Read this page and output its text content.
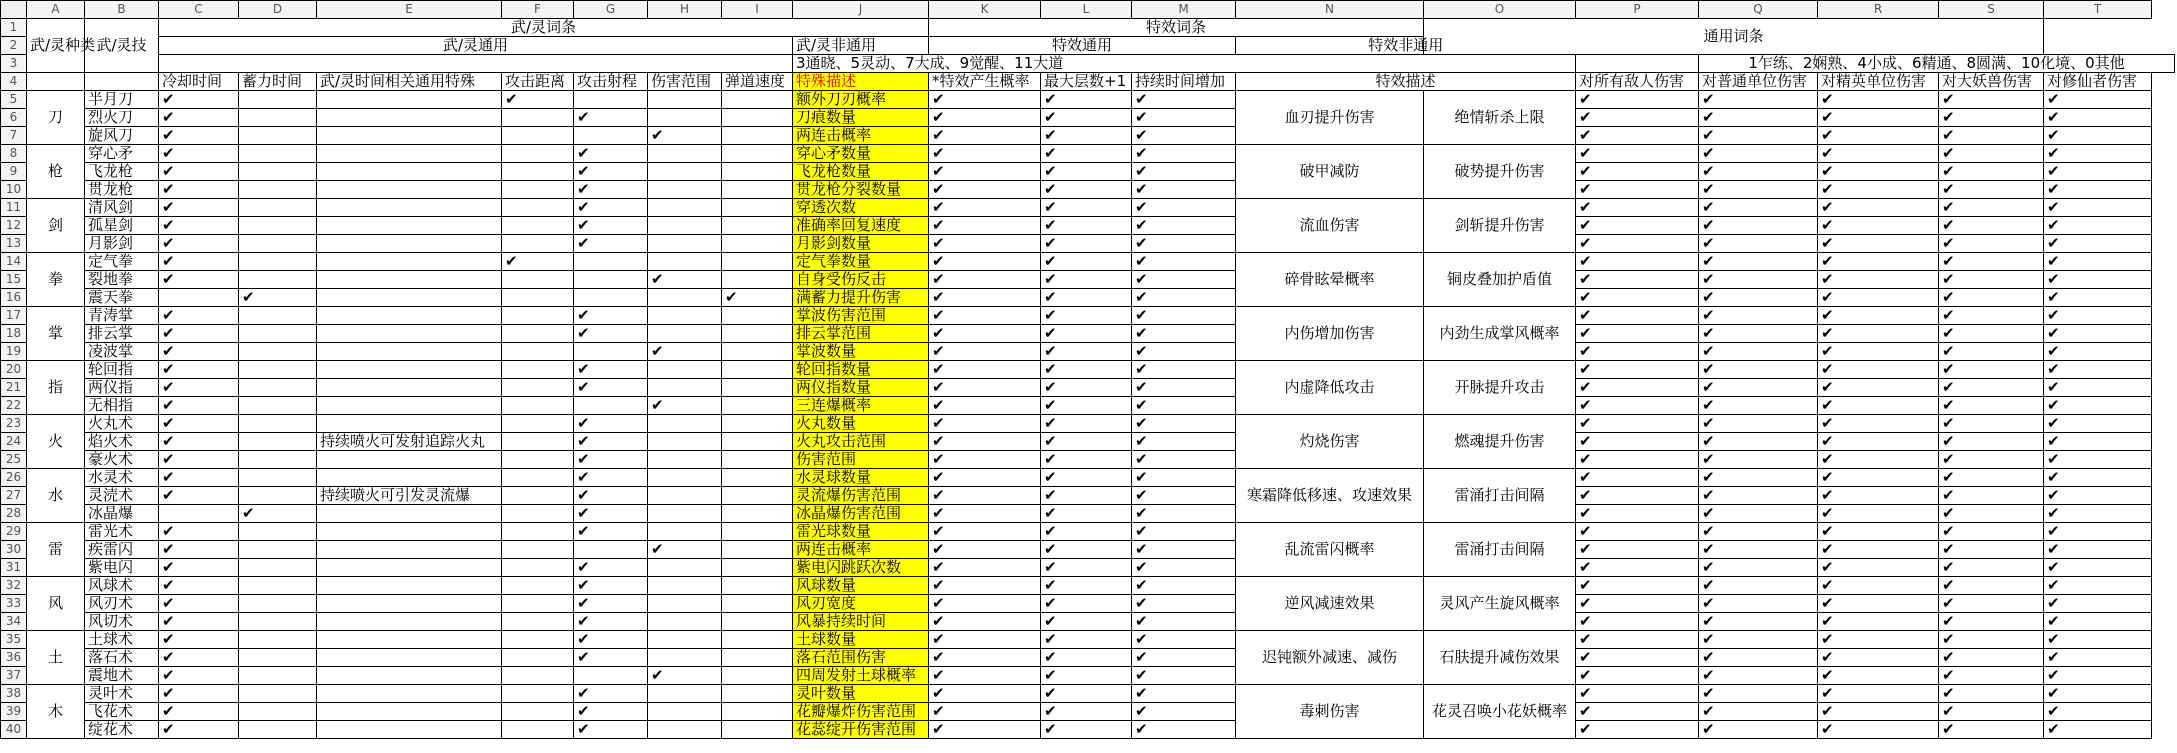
	A	B	C	D	E	F	G	H	I	J	K	L	M	N	O	P	Q	R	S	T
1	武/灵种类	武/灵技	武/灵词条								特效词条				通用词条					
2			武/灵通用							武/灵非通用	特效通用			特效非通用						
3										3通晓、5灵动、7大成、9觉醒、11大道							1乍练、2娴熟、4小成、6精通、8圆满、10化境、0其他			
4			冷却时间	蓄力时间	武/灵时间相关通用特殊	攻击距离	攻击射程	伤害范围	弹道速度	特殊描述	*特效产生概率	最大层数+1	持续时间增加	特效描述		对所有敌人伤害	对普通单位伤害	对精英单位伤害	对大妖兽伤害	对修仙者伤害
5	刀	半月刀	✔			✔				额外刀刃概率	✔	✔	✔	血刃提升伤害	绝情斩杀上限	✔	✔	✔	✔	✔
6		烈火刀	✔				✔			刀痕数量	✔	✔	✔			✔	✔	✔	✔	✔
7		旋风刀	✔					✔		两连击概率	✔	✔	✔			✔	✔	✔	✔	✔
8	枪	穿心矛	✔				✔			穿心矛数量	✔	✔	✔	破甲减防	破势提升伤害	✔	✔	✔	✔	✔
9		飞龙枪	✔				✔			飞龙枪数量	✔	✔	✔			✔	✔	✔	✔	✔
10		贯龙枪	✔				✔			贯龙枪分裂数量	✔	✔	✔			✔	✔	✔	✔	✔
11	剑	清风剑	✔				✔			穿透次数	✔	✔	✔	流血伤害	剑斩提升伤害	✔	✔	✔	✔	✔
12		孤星剑	✔				✔			准确率回复速度	✔	✔	✔			✔	✔	✔	✔	✔
13		月影剑	✔				✔			月影剑数量	✔	✔	✔			✔	✔	✔	✔	✔
14	拳	定气拳	✔			✔				定气拳数量	✔	✔	✔	碎骨眩晕概率	铜皮叠加护盾值	✔	✔	✔	✔	✔
15		裂地拳	✔					✔		自身受伤反击	✔	✔	✔			✔	✔	✔	✔	✔
16		震天拳		✔					✔	满蓄力提升伤害	✔	✔	✔			✔	✔	✔	✔	✔
17	掌	青涛掌	✔				✔			掌波伤害范围	✔	✔	✔	内伤增加伤害	内劲生成掌风概率	✔	✔	✔	✔	✔
18		排云掌	✔				✔			排云掌范围	✔	✔	✔			✔	✔	✔	✔	✔
19		凌波掌	✔					✔		掌波数量	✔	✔	✔			✔	✔	✔	✔	✔
20	指	轮回指	✔				✔			轮回指数量	✔	✔	✔	内虚降低攻击	开脉提升攻击	✔	✔	✔	✔	✔
21		两仪指	✔				✔			两仪指数量	✔	✔	✔			✔	✔	✔	✔	✔
22		无相指	✔					✔		三连爆概率	✔	✔	✔			✔	✔	✔	✔	✔
23	火	火丸术	✔				✔			火丸数量	✔	✔	✔	灼烧伤害	燃魂提升伤害	✔	✔	✔	✔	✔
24		焰火术	✔		持续喷火可发射追踪火丸		✔			火丸攻击范围	✔	✔	✔			✔	✔	✔	✔	✔
25		豪火术	✔				✔			伤害范围	✔	✔	✔			✔	✔	✔	✔	✔
26	水	水灵术	✔				✔			水灵球数量	✔	✔	✔	寒霜降低移速、攻速效果	雷涌打击间隔	✔	✔	✔	✔	✔
27		灵涜术	✔		持续喷火可引发灵流爆		✔			灵流爆伤害范围	✔	✔	✔			✔	✔	✔	✔	✔
28		冰晶爆		✔			✔			冰晶爆伤害范围	✔	✔	✔			✔	✔	✔	✔	✔
29	雷	雷光术	✔				✔			雷光球数量	✔	✔	✔	乱流雷闪概率	雷涌打击间隔	✔	✔	✔	✔	✔
30		疾雷闪	✔					✔		两连击概率	✔	✔	✔			✔	✔	✔	✔	✔
31		紫电闪	✔				✔			紫电闪跳跃次数	✔	✔	✔			✔	✔	✔	✔	✔
32	风	风球术	✔				✔			风球数量	✔	✔	✔	逆风减速效果	灵风产生旋风概率	✔	✔	✔	✔	✔
33		风刃术	✔				✔			风刃宽度	✔	✔	✔			✔	✔	✔	✔	✔
34		风切术	✔				✔			风暴持续时间	✔	✔	✔			✔	✔	✔	✔	✔
35	土	土球术	✔				✔			土球数量	✔	✔	✔	迟钝额外减速、减伤	石肤提升减伤效果	✔	✔	✔	✔	✔
36		落石术	✔				✔			落石范围伤害	✔	✔	✔			✔	✔	✔	✔	✔
37		震地术	✔					✔		四周发射土球概率	✔	✔	✔			✔	✔	✔	✔	✔
38	木	灵叶术	✔				✔			灵叶数量	✔	✔	✔	毒刺伤害	花灵召唤小花妖概率	✔	✔	✔	✔	✔
39		飞花术	✔				✔			花瓣爆炸伤害范围	✔	✔	✔			✔	✔	✔	✔	✔
40		绽花术	✔				✔			花蕊绽开伤害范围	✔	✔	✔			✔	✔	✔	✔	✔
